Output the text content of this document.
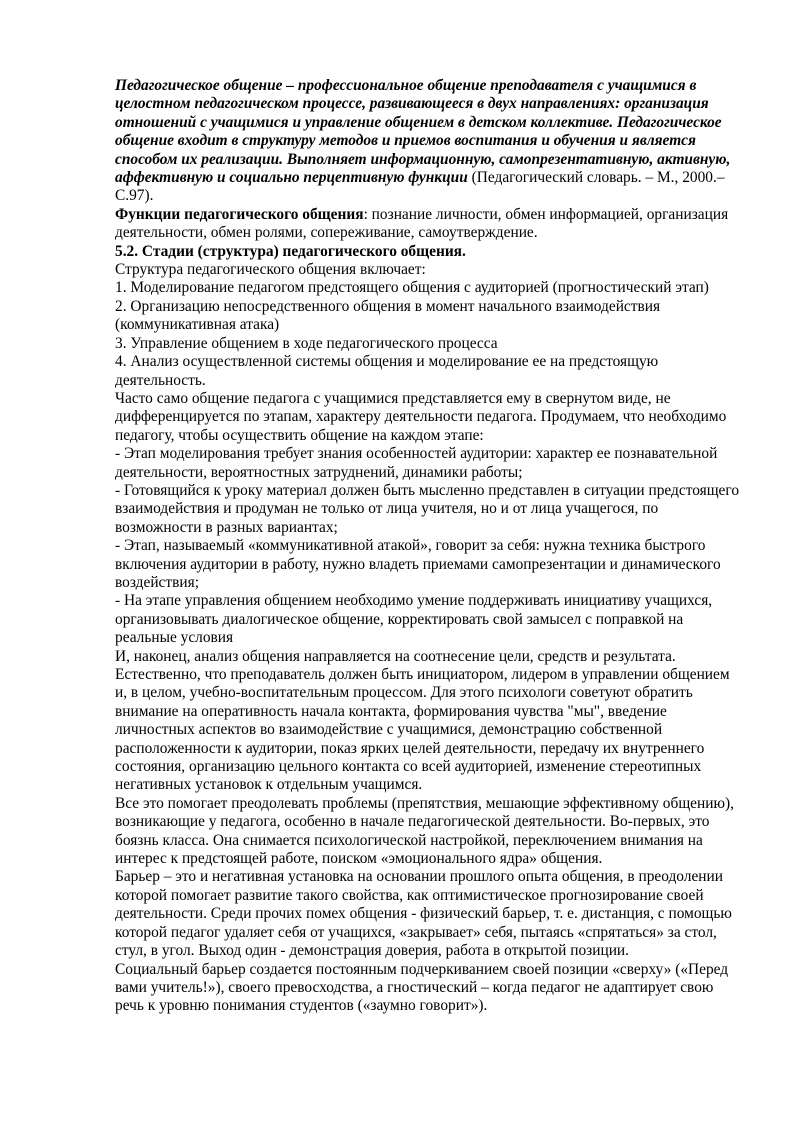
Педагогическое общение – профессиональное общение преподавателя с учащимися в целостном педагогическом процессе, развивающееся в двух направлениях: организация отношений с учащимися и управление общением в детском коллективе. Педагогическое общение входит в структуру методов и приемов воспитания и обучения и является способом их реализации. Выполняет информационную, самопрезентативную, активную, аффективную и социально перцептивную функции (Педагогический словарь. – М., 2000.– С.97).

Функции педагогического общения: познание личности, обмен информацией, организация деятельности, обмен ролями, сопереживание, самоутверждение.

5.2. Стадии (структура) педагогического общения.

Структура педагогического общения включает:

1. Моделирование педагогом предстоящего общения с аудиторией (прогностический этап)

2. Организацию непосредственного общения в момент начального взаимодействия (коммуникативная атака)

3. Управление общением в ходе педагогического процесса

4. Анализ осуществленной системы общения и моделирование ее на предстоящую деятельность.

Часто само общение педагога с учащимися представляется ему в свернутом виде, не дифференцируется по этапам, характеру деятельности педагога. Продумаем, что необходимо педагогу, чтобы осуществить общение на каждом этапе:

- Этап моделирования требует знания особенностей аудитории: характер ее познавательной деятельности, вероятностных затруднений, динамики работы;

- Готовящийся к уроку материал должен быть мысленно представлен в ситуации предстоящего взаимодействия и продуман не только от лица учителя, но и от лица учащегося, по возможности в разных вариантах;

- Этап, называемый «коммуникативной атакой», говорит за себя: нужна техника быстрого включения аудитории в работу, нужно владеть приемами самопрезентации и динамического воздействия;

- На этапе управления общением необходимо умение поддерживать инициативу учащихся, организовывать диалогическое общение, корректировать свой замысел с поправкой на реальные условия

И, наконец, анализ общения направляется на соотнесение цели, средств и результата. Естественно, что преподаватель должен быть инициатором, лидером в управлении общением и, в целом, учебно-воспитательным процессом. Для этого психологи советуют обратить внимание на оперативность начала контакта, формирования чувства "мы", введение личностных аспектов во взаимодействие с учащимися, демонстрацию собственной расположенности к аудитории, показ ярких целей деятельности, передачу их внутреннего состояния, организацию цельного контакта со всей аудиторией, изменение стереотипных негативных установок к отдельным учащимся.

Все это помогает преодолевать проблемы (препятствия, мешающие эффективному общению), возникающие у педагога, особенно в начале педагогической деятельности. Во-первых, это боязнь класса. Она снимается психологической настройкой, переключением внимания на интерес к предстоящей работе, поиском «эмоционального ядра» общения.

Барьер – это и негативная установка на основании прошлого опыта общения, в преодолении которой помогает развитие такого свойства, как оптимистическое прогнозирование своей деятельности. Среди прочих помех общения - физический барьер, т. е. дистанция, с помощью которой педагог удаляет себя от учащихся, «закрывает» себя, пытаясь «спрятаться» за стол, стул, в угол. Выход один - демонстрация доверия, работа в открытой позиции.

Социальный барьер создается постоянным подчеркиванием своей позиции «сверху» («Перед вами учитель!»), своего превосходства, а гностический – когда педагог не адаптирует свою речь к уровню понимания студентов («заумно говорит»).
